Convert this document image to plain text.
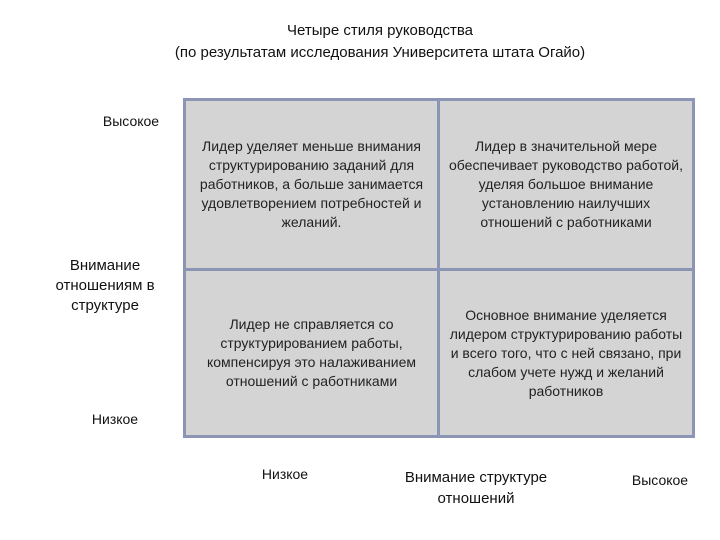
Четыре стиля руководства
(по результатам исследования Университета штата Огайо)
Высокое
Внимание отношениям в структуре
Низкое
Лидер уделяет меньше внимания структурированию заданий для работников, а больше занимается удовлетворением потребностей и желаний.
Лидер в значительной мере обеспечивает руководство работой, уделяя большое внимание установлению наилучших отношений с работниками
Лидер не справляется со структурированием работы, компенсируя это налаживанием отношений с работниками
Основное внимание уделяется лидером структурированию работы и всего того, что с ней связано, при слабом учете нужд и желаний работников
Низкое	Внимание структуре отношений
Высокое
